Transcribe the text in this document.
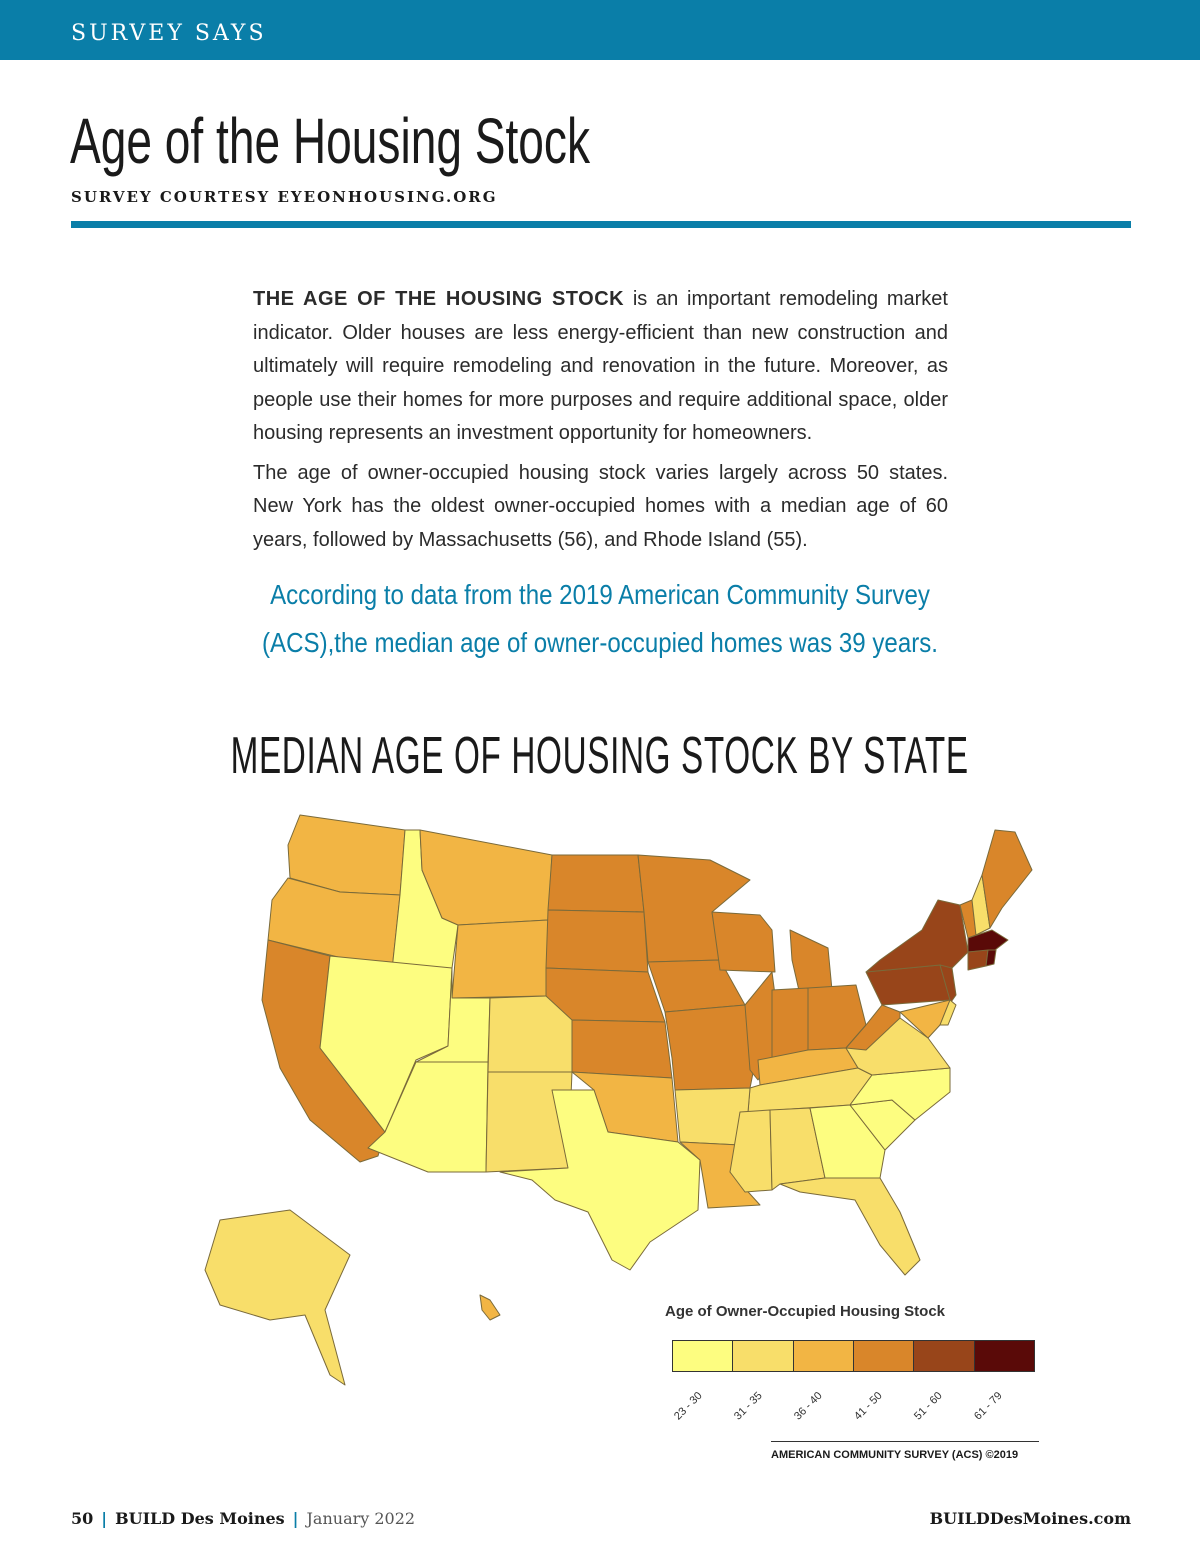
SURVEY SAYS
Age of the Housing Stock
SURVEY COURTESY EYEONHOUSING.ORG

THE AGE OF THE HOUSING STOCK is an important remodeling market indicator. Older houses are less energy-efficient than new construction and ultimately will require remodeling and renovation in the future. Moreover, as people use their homes for more purposes and require additional space, older housing represents an investment opportunity for homeowners.

The age of owner-occupied housing stock varies largely across 50 states. New York has the oldest owner-occupied homes with a median age of 60 years, followed by Massachusetts (56), and Rhode Island (55).

According to data from the 2019 American Community Survey
(ACS),the median age of owner-occupied homes was 39 years.
MEDIAN AGE OF HOUSING STOCK BY STATE
Age of Owner-Occupied Housing Stock
23 - 30 31 - 35 36 - 40 41 - 50 51 - 60 61 - 79
AMERICAN COMMUNITY SURVEY (ACS) ©2019
50 | BUILD Des Moines | January 2022	BUILDDesMoines.com
